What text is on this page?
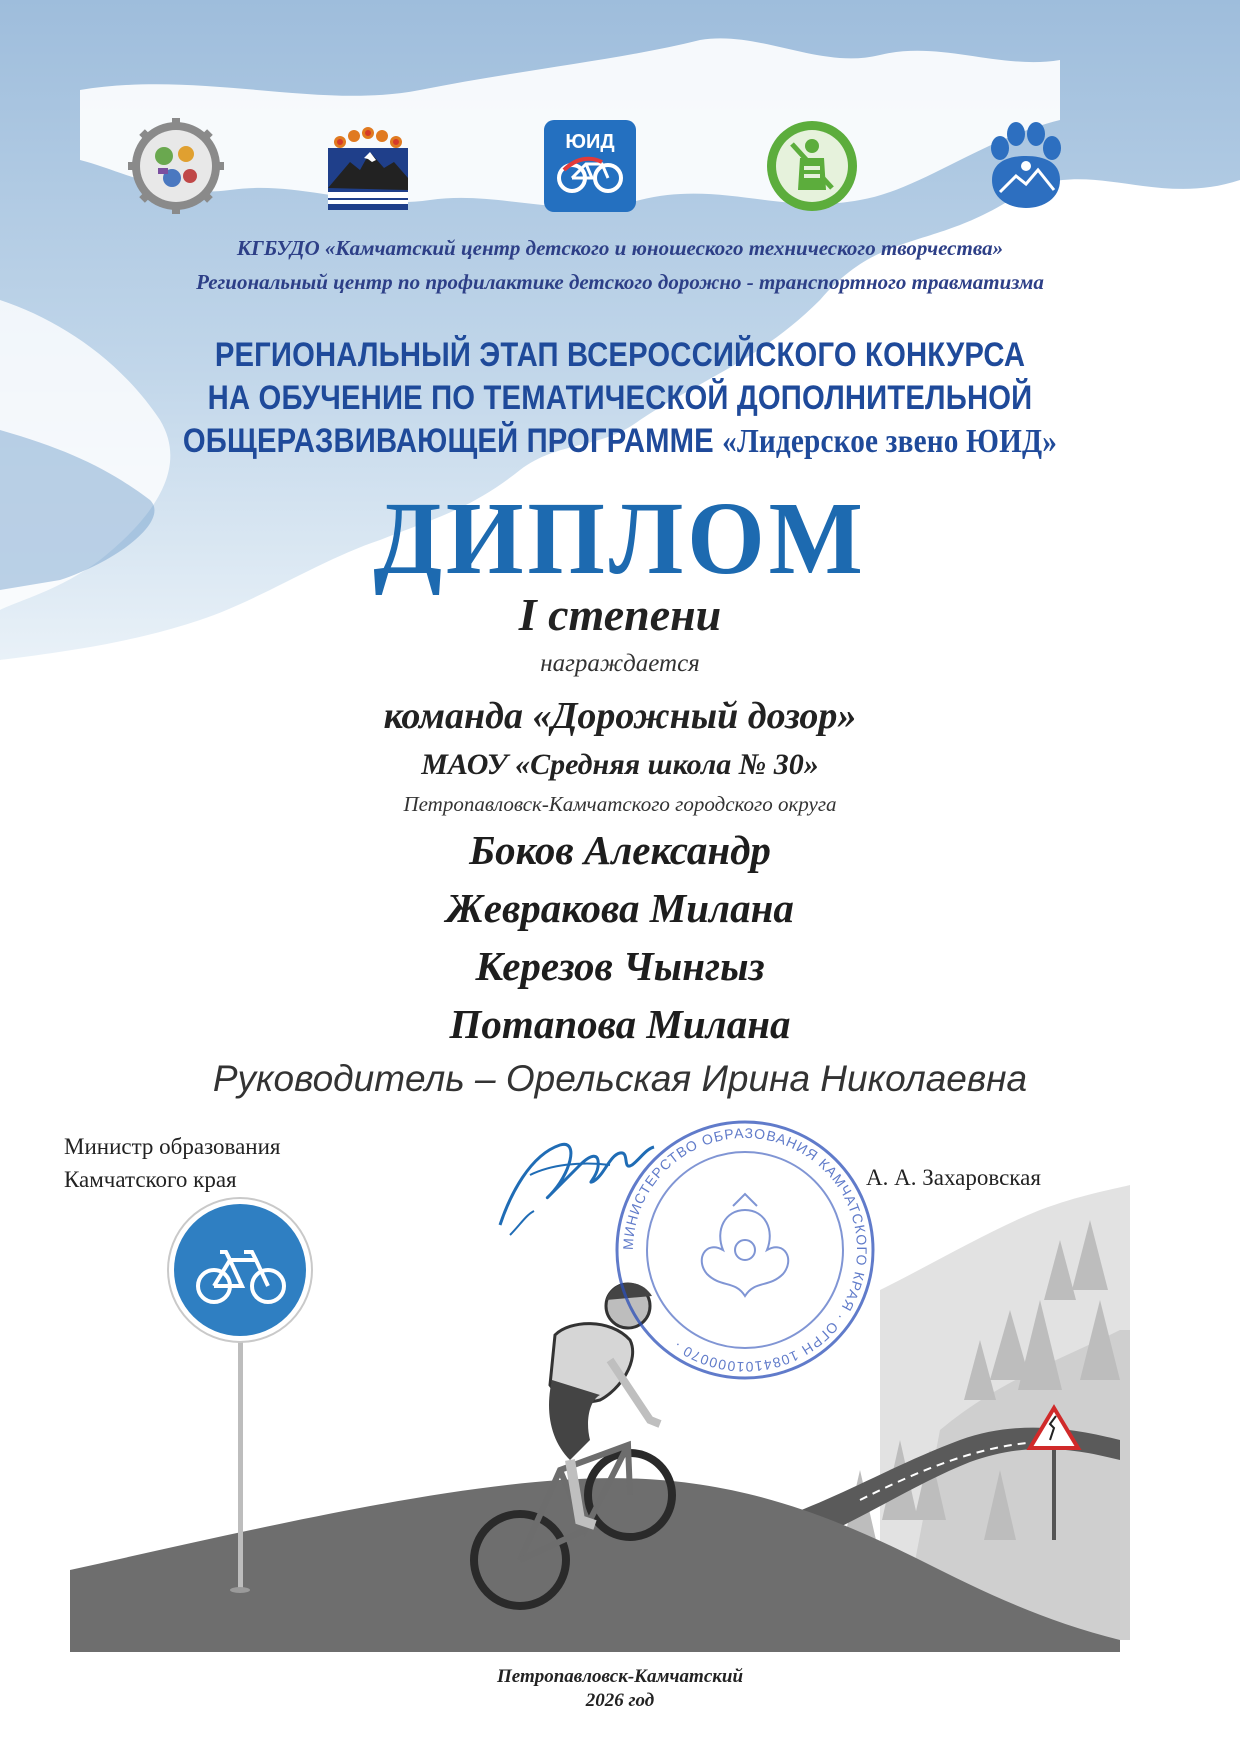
ЮИД

КГБУДО «Камчатский центр детского и юношеского технического творчества»

Региональный центр по профилактике детского дорожно - транспортного травматизма

РЕГИОНАЛЬНЫЙ ЭТАП ВСЕРОССИЙСКОГО КОНКУРСА
НА ОБУЧЕНИЕ ПО ТЕМАТИЧЕСКОЙ ДОПОЛНИТЕЛЬНОЙ
ОБЩЕРАЗВИВАЮЩЕЙ ПРОГРАММЕ «Лидерское звено ЮИД»

ДИПЛОМ

I степени

награждается

команда «Дорожный дозор»

МАОУ «Средняя школа № 30»

Петропавловск-Камчатского городского округа

Боков Александр

Жевракова Милана

Керезов Чынгыз

Потапова Милана

Руководитель – Орельская Ирина Николаевна

Министр образования
Камчатского края
МИНИСТЕРСТВО ОБРАЗОВАНИЯ КАМЧАТСКОГО КРАЯ · ОГРН 1084101000070 ·
А. А. Захаровская
Петропавловск-Камчатский
2026 год
